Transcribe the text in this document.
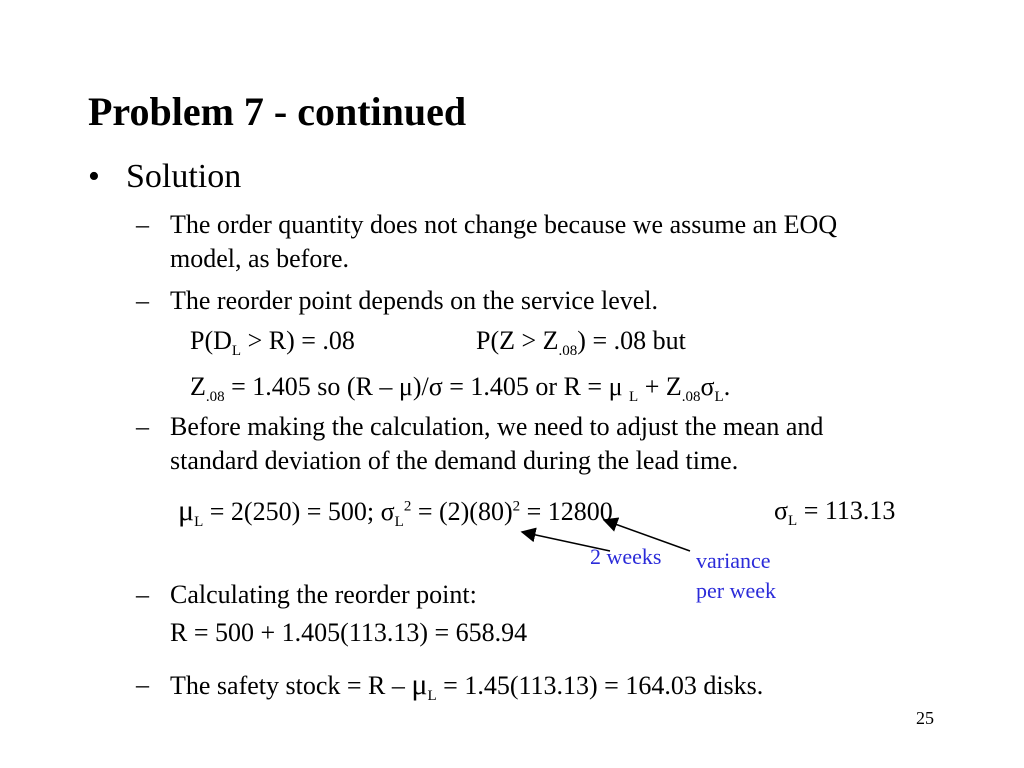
Problem 7 - continued
• Solution
– The order quantity does not change because we assume an EOQ
model, as before.
– The reorder point depends on the service level.
$P(D_L > R) = .08$	$P(Z > Z_{.08}) = .08$ but
$Z_{.08} = 1.405$ so (R – μ)/σ = 1.405 or R = μ $_L + Z_{.08}\sigma_L$.
– Before making the calculation, we need to adjust the mean and
standard deviation of the demand during the lead time.
$\mu_L = 2(250) = 500$; $\sigma_L^2 = (2)(80)^2 = 12800$	$\sigma_L = 113.13$
2 weeks variance
per week
– Calculating the reorder point:
R = 500 + 1.405(113.13) = 658.94
– The safety stock = $R - \mu_L = 1.45(113.13) = 164.03$ disks.
25
